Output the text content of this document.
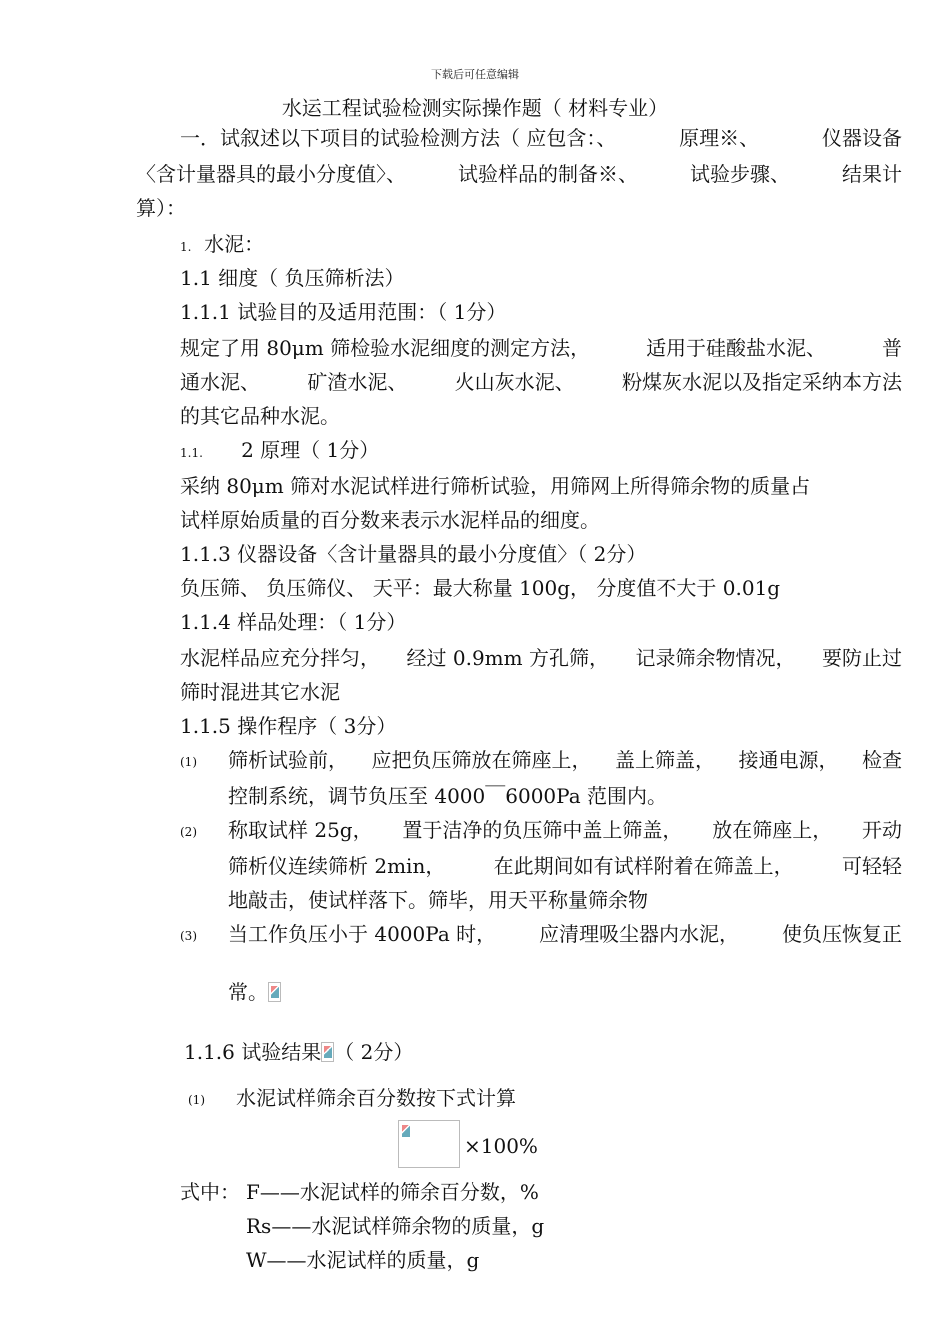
下载后可任意编辑
水运工程试验检测实际操作题（ 材料专业）
一．试叙述以下项目的试验检测方法（ 应包含：、	原理※、	仪器设备
〈含计量器具的最小分度值〉、	试验样品的制备※、	试验步骤、	结果计
算）：
1. 水泥：
1.1 细度（ 负压筛析法）
1.1.1 试验目的及适用范围：（ 1分）
规定了用 80μm 筛检验水泥细度的测定方法，	适用于硅酸盐水泥、	普
通水泥、 矿渣水泥、 火山灰水泥、 粉煤灰水泥以及指定采纳本方法
的其它品种水泥。
1.1. 2 原理（ 1分）
采纳 80μm 筛对水泥试样进行筛析试验，用筛网上所得筛余物的质量占
试样原始质量的百分数来表示水泥样品的细度。
1.1.3 仪器设备〈含计量器具的最小分度值〉（ 2分）
负压筛、 负压筛仪、 天平：最大称量 100g， 分度值不大于 0.01g
1.1.4 样品处理：（ 1分）
水泥样品应充分拌匀， 经过 0.9mm 方孔筛， 记录筛余物情况， 要防止过
筛时混进其它水泥
1.1.5 操作程序（ 3分）
(1) 筛析试验前， 应把负压筛放在筛座上， 盖上筛盖， 接通电源， 检查
控制系统，调节负压至 4000￣6000Pa 范围内。
(2) 称取试样 25g， 置于洁净的负压筛中盖上筛盖， 放在筛座上， 开动
筛析仪连续筛析 2min， 在此期间如有试样附着在筛盖上， 可轻轻
地敲击，使试样落下。筛毕，用天平称量筛余物
(3) 当工作负压小于 4000Pa 时， 应清理吸尘器内水泥， 使负压恢复正
常。
1.1.6 试验结果 （ 2分）
(1) 水泥试样筛余百分数按下式计算
×100%
式中： F——水泥试样的筛余百分数，%
Rs——水泥试样筛余物的质量，g
W——水泥试样的质量，g
